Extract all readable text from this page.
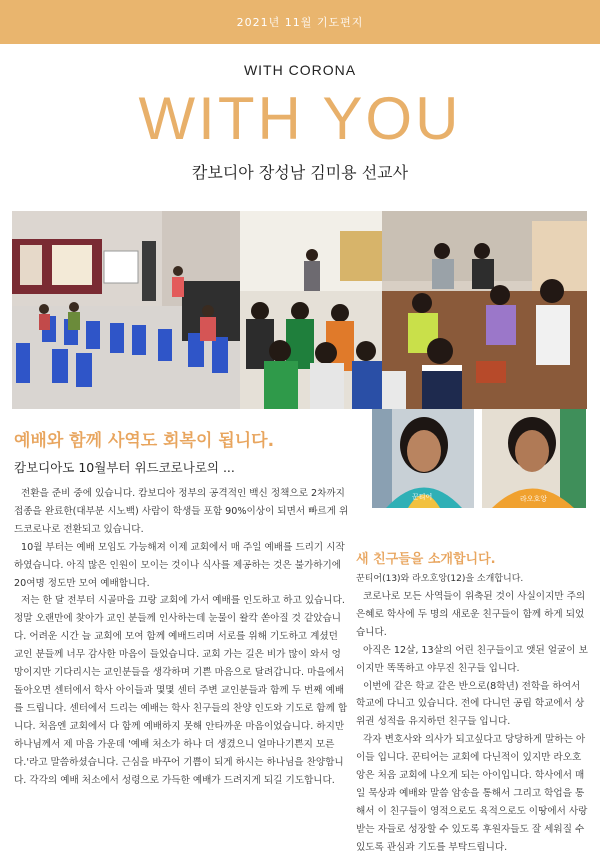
2021년 11월 기도편지
WITH CORONA
WITH YOU
캄보디아 장성남 김미용 선교사
꾼티어	라오호앙
예배와 함께 사역도 회복이 됩니다.
캄보디아도 10월부터 위드코로나로의 ...

전환을 준비 중에 있습니다. 캄보디아 정부의 공격적인 백신 정책으로 2차까지 접종을 완료한(대부분 시노백) 사람이 학생들 포함 90%이상이 되면서 빠르게 위드코로나로 전환되고 있습니다.

10월 부터는 예배 모임도 가능해져 이제 교회에서 매 주일 예배를 드리기 시작하였습니다. 아직 많은 인원이 모이는 것이나 식사를 제공하는 것은 불가하기에 20여명 정도만 모여 예배합니다.

저는 한 달 전부터 시골마을 끄랑 교회에 가서 예배를 인도하고 하고 있습니다. 정말 오랜만에 찾아가 교인 분들께 인사하는데 눈물이 왈칵 쏟아질 것 같았습니다. 어려운 시간 늘 교회에 모여 함께 예배드리며 서로를 위해 기도하고 계셨던 교인 분들께 너무 감사한 마음이 들었습니다. 교회 가는 길은 비가 많이 와서 엉망이지만 기다리시는 교인분들을 생각하며 기쁜 마음으로 달려갑니다. 마을에서 돌아오면 센터에서 학사 아이들과 몇몇 센터 주변 교인분들과 함께 두 번째 예배를 드립니다. 센터에서 드리는 예배는 학사 친구들의 찬양 인도와 기도로 함께 합니다. 처음엔 교회에서 다 함께 예배하지 못해 안타까운 마음이었습니다. 하지만 하나님께서 제 마음 가운데 '예배 처소가 하나 더 생겼으니 얼마나기쁜지 모른다.'라고 말씀하셨습니다. 근심을 바꾸어 기쁨이 되게 하시는 하나님을 찬양합니다. 각각의 예배 처소에서 성령으로 가득한 예배가 드려지게 되길 기도합니다.

새 친구들을 소개합니다.
꾼티어(13)와 라오호앙(12)을 소개합니다.

코로나로 모든 사역들이 위축된 것이 사실이지만 주의 은혜로 학사에 두 명의 새로운 친구들이 함께 하게 되었습니다.

아직은 12살, 13살의 어린 친구들이고 앳된 얼굴이 보이지만 똑똑하고 야무진 친구들 입니다.

이번에 같은 학교 같은 반으로(8학년) 전학을 하여서 학교에 다니고 있습니다. 전에 다니던 공립 학교에서 상위권 성적을 유지하던 친구들 입니다.

각자 변호사와 의사가 되고싶다고 당당하게 말하는 아이들 입니다. 꾼티어는 교회에 다닌적이 있지만 라오호앙은 처음 교회에 나오게 되는 아이입니다. 학사에서 매일 묵상과 예배와 말씀 암송을 통해서 그리고 학업을 통해서 이 친구들이 영적으로도 육적으로도 이땅에서 사랑받는 자들로 성장할 수 있도록 후원자들도 잘 세워질 수 있도록 관심과 기도를 부탁드립니다.
